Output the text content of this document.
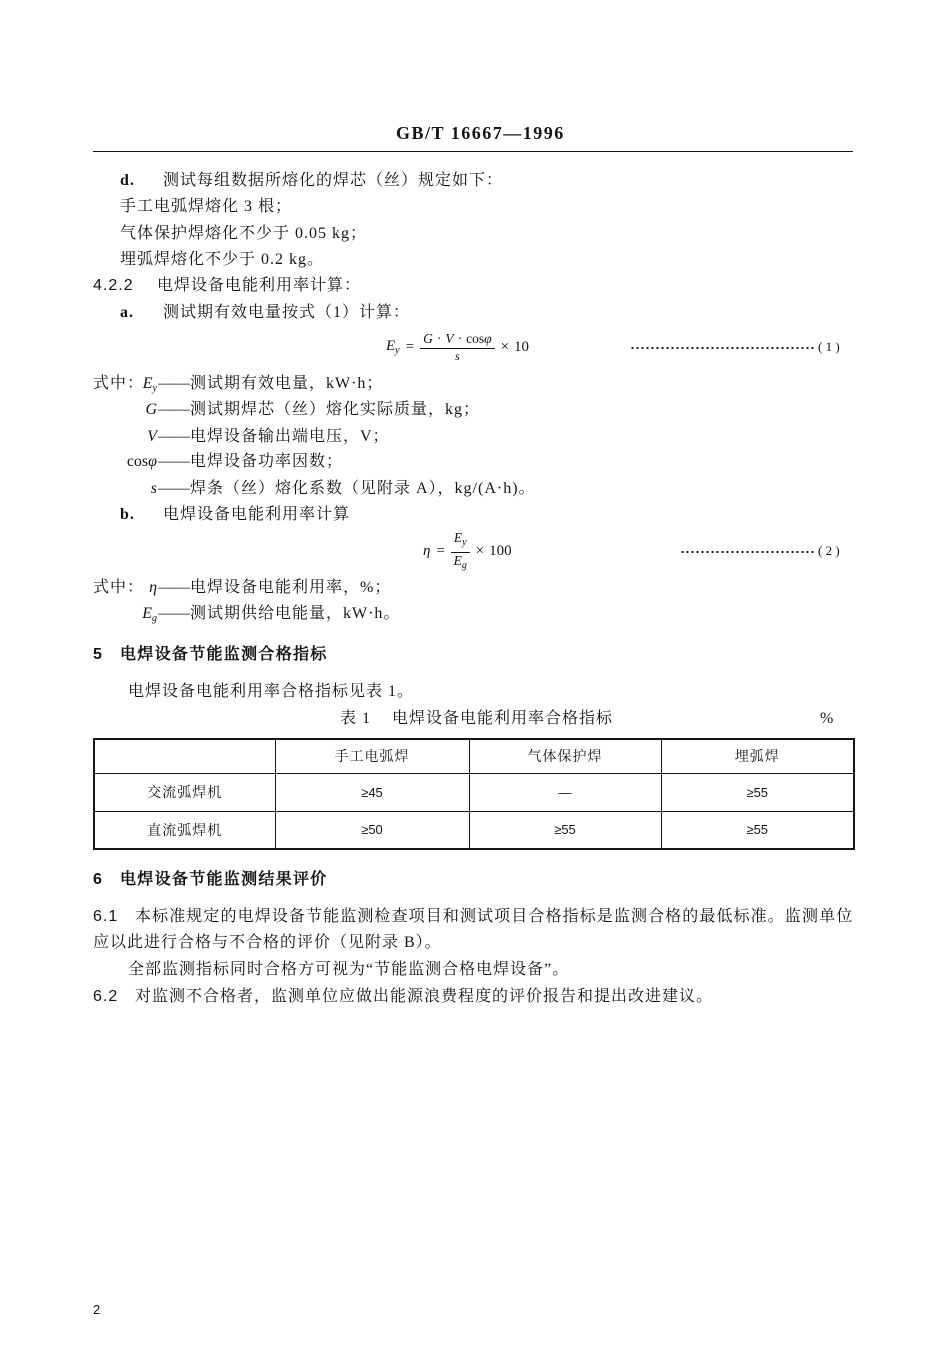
GB/T 16667—1996
d. 测试每组数据所熔化的焊芯（丝）规定如下：
手工电弧焊熔化 3 根；
气体保护焊熔化不少于 0.05 kg；
埋弧焊熔化不少于 0.2 kg。
4.2.2 电焊设备电能利用率计算：
a. 测试期有效电量按式（1）计算：
$E_y = \frac{G \cdot V \cdot \cos\varphi}{s} \times 10$	( 1 )
式中：
$E_y$ —— 测试期有效电量，kW·h；
G —— 测试期焊芯（丝）熔化实际质量，kg；
V —— 电焊设备输出端电压，V；
cosφ —— 电焊设备功率因数；
s —— 焊条（丝）熔化系数（见附录 A），kg/(A·h)。
b. 电焊设备电能利用率计算
$\eta = \frac{E_y}{E_g} \times 100$	( 2 )
式中： η —— 电焊设备电能利用率，%；
$E_g$ —— 测试期供给电能量，kW·h。
5 电焊设备节能监测合格指标
电焊设备电能利用率合格指标见表 1。
表 1 电焊设备电能利用率合格指标	%
	手工电弧焊	气体保护焊	埋弧焊
交流弧焊机	≥45	—	≥55
直流弧焊机	≥50	≥55	≥55
6 电焊设备节能监测结果评价
6.1	本标准规定的电焊设备节能监测检查项目和测试项目合格指标是监测合格的最低标准。监测单位
应以此进行合格与不合格的评价（见附录 B）。
全部监测指标同时合格方可视为“节能监测合格电焊设备”。
6.2 对监测不合格者，监测单位应做出能源浪费程度的评价报告和提出改进建议。
2
